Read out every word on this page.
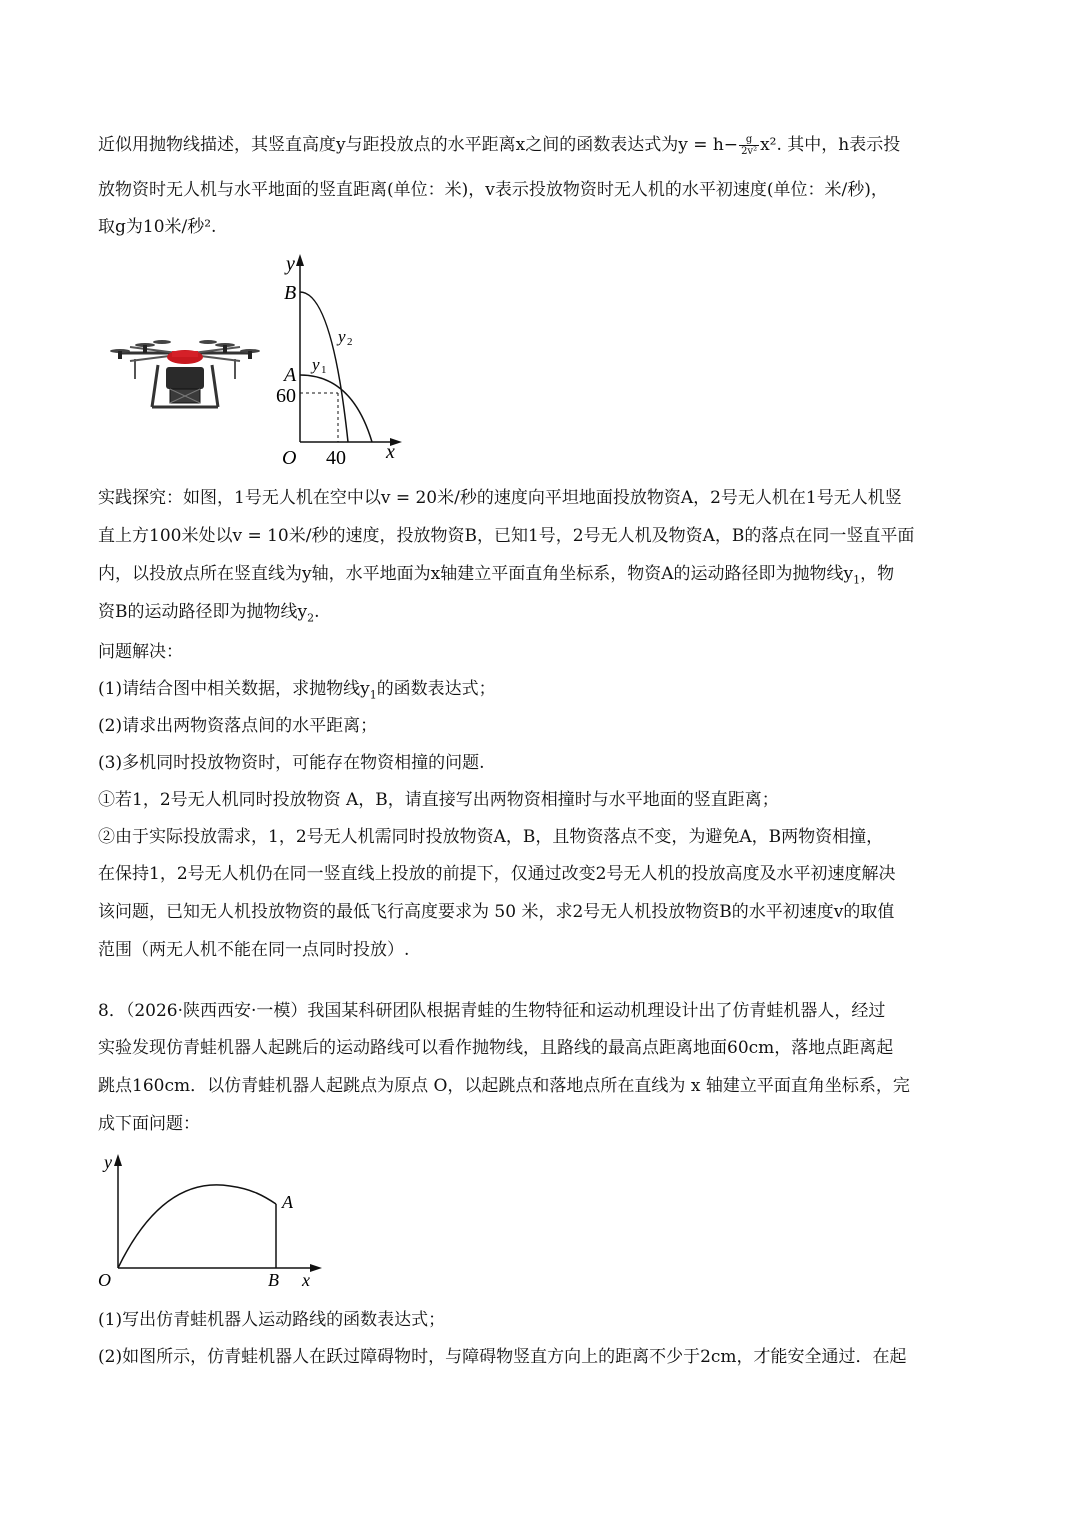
近似用抛物线描述，其竖直高度y与距投放点的水平距离x之间的函数表达式为$y = h- \frac{g}{\text{2v²}} x^2$. 其中，h表示投
放物资时无人机与水平地面的竖直距离(单位：米)，v表示投放物资时无人机的水平初速度(单位：米/秒)，
取g为10米/秒².
y
x
O
B
A
60
40
y 1
y 2
实践探究：如图，1号无人机在空中以v = 20米/秒的速度向平坦地面投放物资A，2号无人机在1号无人机竖
直上方100米处以v = 10米/秒的速度，投放物资B，已知1号，2号无人机及物资A，B的落点在同一竖直平面
内，以投放点所在竖直线为y轴，水平地面为x轴建立平面直角坐标系，物资A的运动路径即为抛物线$y_1$，物
资B的运动路径即为抛物线$y_2$.
问题解决：
(1)请结合图中相关数据，求抛物线$y_1$的函数表达式；
(2)请求出两物资落点间的水平距离；
(3)多机同时投放物资时，可能存在物资相撞的问题.
①若1，2号无人机同时投放物资 A，B，请直接写出两物资相撞时与水平地面的竖直距离；
②由于实际投放需求，1，2号无人机需同时投放物资A，B，且物资落点不变，为避免A，B两物资相撞，
在保持1，2号无人机仍在同一竖直线上投放的前提下，仅通过改变2号无人机的投放高度及水平初速度解决
该问题，已知无人机投放物资的最低飞行高度要求为 50 米，求2号无人机投放物资B的水平初速度v的取值
范围（两无人机不能在同一点同时投放）.
8．（2026·陕西西安·一模）我国某科研团队根据青蛙的生物特征和运动机理设计出了仿青蛙机器人，经过
实验发现仿青蛙机器人起跳后的运动路线可以看作抛物线，且路线的最高点距离地面60cm，落地点距离起
跳点160cm．以仿青蛙机器人起跳点为原点 O，以起跳点和落地点所在直线为 x 轴建立平面直角坐标系，完
成下面问题：
y
x
O
A
B
(1)写出仿青蛙机器人运动路线的函数表达式；
(2)如图所示，仿青蛙机器人在跃过障碍物时，与障碍物竖直方向上的距离不少于2cm，才能安全通过．在起
